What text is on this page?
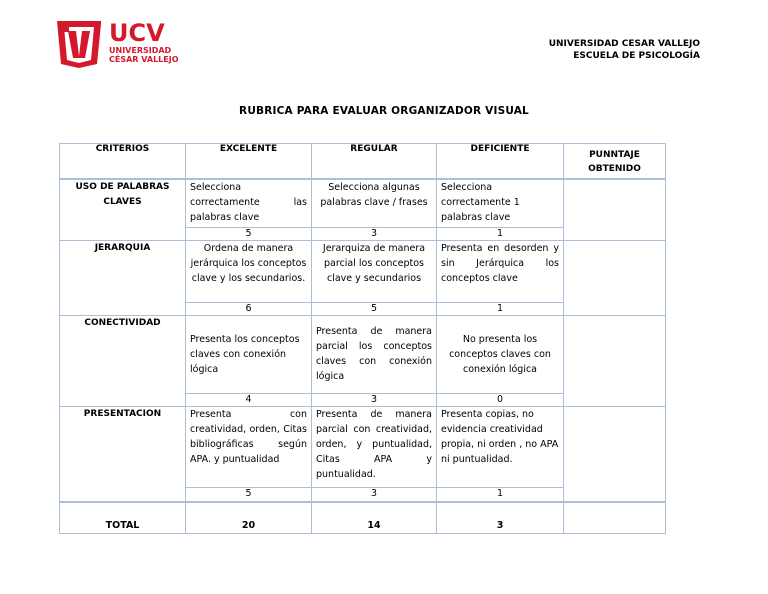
UCV
UNIVERSIDAD
CÉSAR VALLEJO
UNIVERSIDAD CESAR VALLEJO
ESCUELA DE PSICOLOGÍA
RUBRICA PARA EVALUAR ORGANIZADOR VISUAL
CRITERIOS	EXCELENTE	REGULAR	DEFICIENTE	PUNNTAJE OBTENIDO
USO DE PALABRAS CLAVES	Selecciona correctamente las palabras clave	Selecciona algunas palabras clave / frases	Selecciona correctamente 1 palabras clave	
	5	3	1	
JERARQUIA	Ordena de manera jerárquica los conceptos clave y los secundarios.	Jerarquiza de manera parcial los conceptos clave y secundarios	Presenta en desorden y sin Jerárquica los conceptos clave	
	6	5	1	
CONECTIVIDAD	Presenta los conceptos claves con conexión lógica	Presenta de manera parcial los conceptos claves con conexión lógica	No presenta los conceptos claves con conexión lógica	
	4	3	0	
PRESENTACION	Presenta con creatividad, orden, Citas bibliográficas según APA. y puntualidad	Presenta de manera parcial con creatividad, orden, y puntualidad, Citas APA y puntualidad.	Presenta copias, no evidencia creatividad propia, ni orden , no APA ni puntualidad.	
	5	3	1	
TOTAL	20	14	3	
